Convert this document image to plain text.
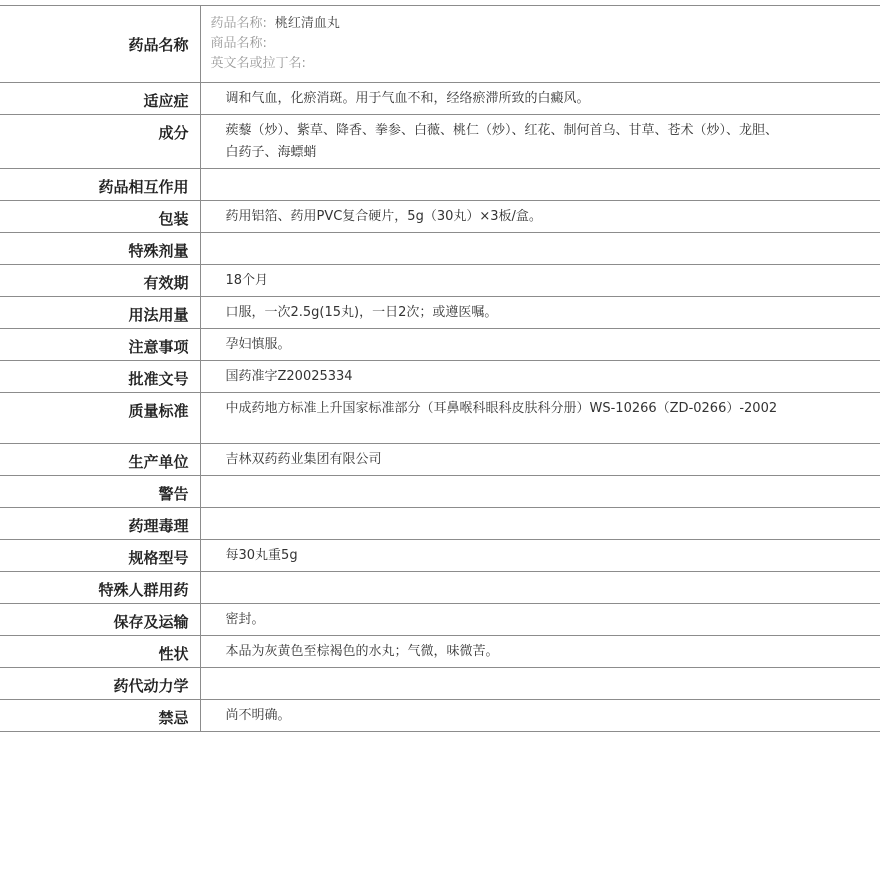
药品名称	药品名称: 桃红清血丸
商品名称:
英文名或拉丁名:

适应症	调和气血，化瘀消斑。用于气血不和，经络瘀滞所致的白癜风。
成分	蒺藜（炒）、紫草、降香、拳参、白薇、桃仁（炒）、红花、制何首乌、甘草、苍术（炒）、龙胆、白药子、海螵蛸
药品相互作用	
包装	药用铝箔、药用PVC复合硬片，5g（30丸）×3板/盒。
特殊剂量	
有效期	18个月
用法用量	口服，一次2.5g(15丸)，一日2次；或遵医嘱。
注意事项	孕妇慎服。
批准文号	国药准字Z20025334
质量标准	中成药地方标准上升国家标准部分（耳鼻喉科眼科皮肤科分册）WS-10266（ZD-0266）-2002
生产单位	吉林双药药业集团有限公司
警告	
药理毒理	
规格型号	每30丸重5g
特殊人群用药	
保存及运输	密封。
性状	本品为灰黄色至棕褐色的水丸；气微，味微苦。
药代动力学	
禁忌	尚不明确。
